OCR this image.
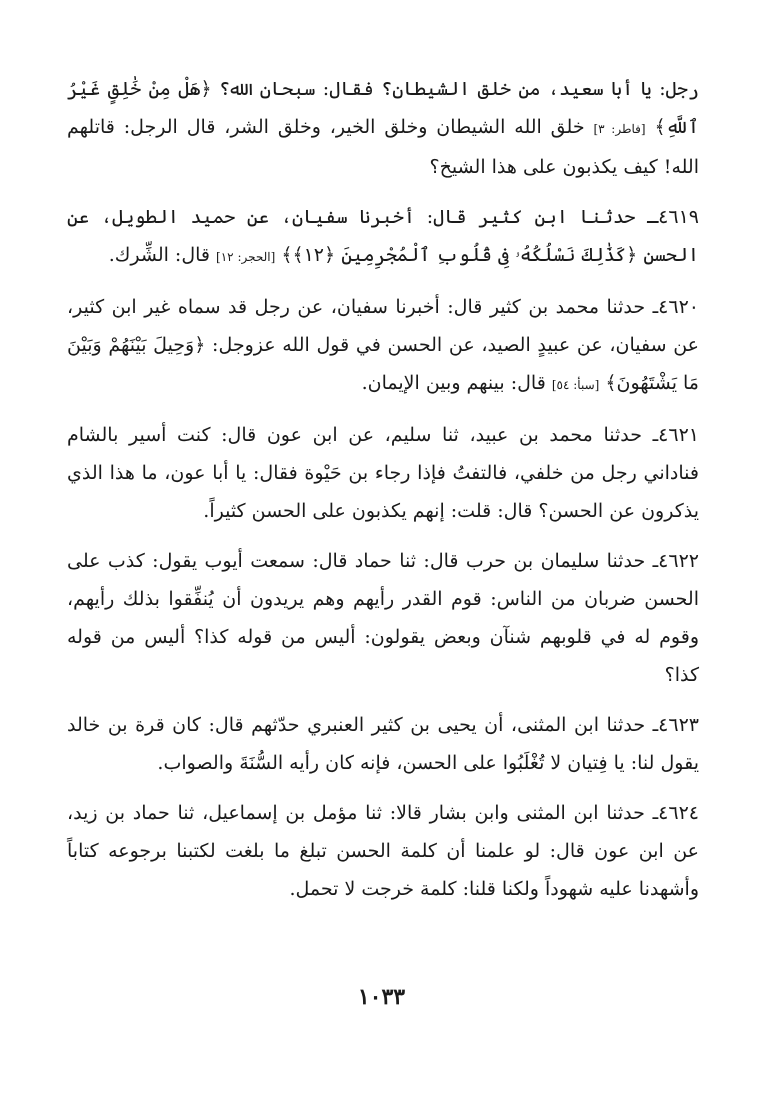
رجل: يا أبا سعيد، من خلق الشيطان؟ فقال: سبحان الله؟ ﴿هَلْ مِنْ خَٰلِقٍ غَيْرُ ٱللَّهِ﴾ [فاطر: ٣] خلق الله الشيطان وخلق الخير، وخلق الشر، قال الرجل: قاتلهم الله! كيف يكذبون على هذا الشيخ؟

٤٦١٩ـ حدثنا ابن كثير قال: أخبرنا سفيان، عن حميد الطويل، عن الحسن ﴿كَذَٰلِكَ نَسْلُكُهُۥ فِى قُلُوبِ ٱلْمُجْرِمِينَ ﴿١٢﴾﴾ [الحجر: ١٢] قال: الشِّرك.

٤٦٢٠ـ حدثنا محمد بن كثير قال: أخبرنا سفيان، عن رجل قد سماه غير ابن كثير، عن سفيان، عن عبيدٍ الصيد، عن الحسن في قول الله عزوجل: ﴿وَحِيلَ بَيْنَهُمْ وَبَيْنَ مَا يَشْتَهُونَ﴾ [سبأ: ٥٤] قال: بينهم وبين الإيمان.

٤٦٢١ـ حدثنا محمد بن عبيد، ثنا سليم، عن ابن عون قال: كنت أسير بالشام فناداني رجل من خلفي، فالتفتُ فإذا رجاء بن حَيْوة فقال: يا أبا عون، ما هذا الذي يذكرون عن الحسن؟ قال: قلت: إنهم يكذبون على الحسن كثيراً.

٤٦٢٢ـ حدثنا سليمان بن حرب قال: ثنا حماد قال: سمعت أيوب يقول: كذب على الحسن ضربان من الناس: قوم القدر رأيهم وهم يريدون أن يُنفِّقوا بذلك رأيهم، وقوم له في قلوبهم شنآن وبعض يقولون: أليس من قوله كذا؟ أليس من قوله كذا؟

٤٦٢٣ـ حدثنا ابن المثنى، أن يحيى بن كثير العنبري حدّثهم قال: كان قرة بن خالد يقول لنا: يا فِتيان لا تُغْلَبُوا على الحسن، فإنه كان رأيه السُّنَةَ والصواب.

٤٦٢٤ـ حدثنا ابن المثنى وابن بشار قالا: ثنا مؤمل بن إسماعيل، ثنا حماد بن زيد، عن ابن عون قال: لو علمنا أن كلمة الحسن تبلغ ما بلغت لكتبنا برجوعه كتاباً وأشهدنا عليه شهوداً ولكنا قلنا: كلمة خرجت لا تحمل.

١٠٣٣
